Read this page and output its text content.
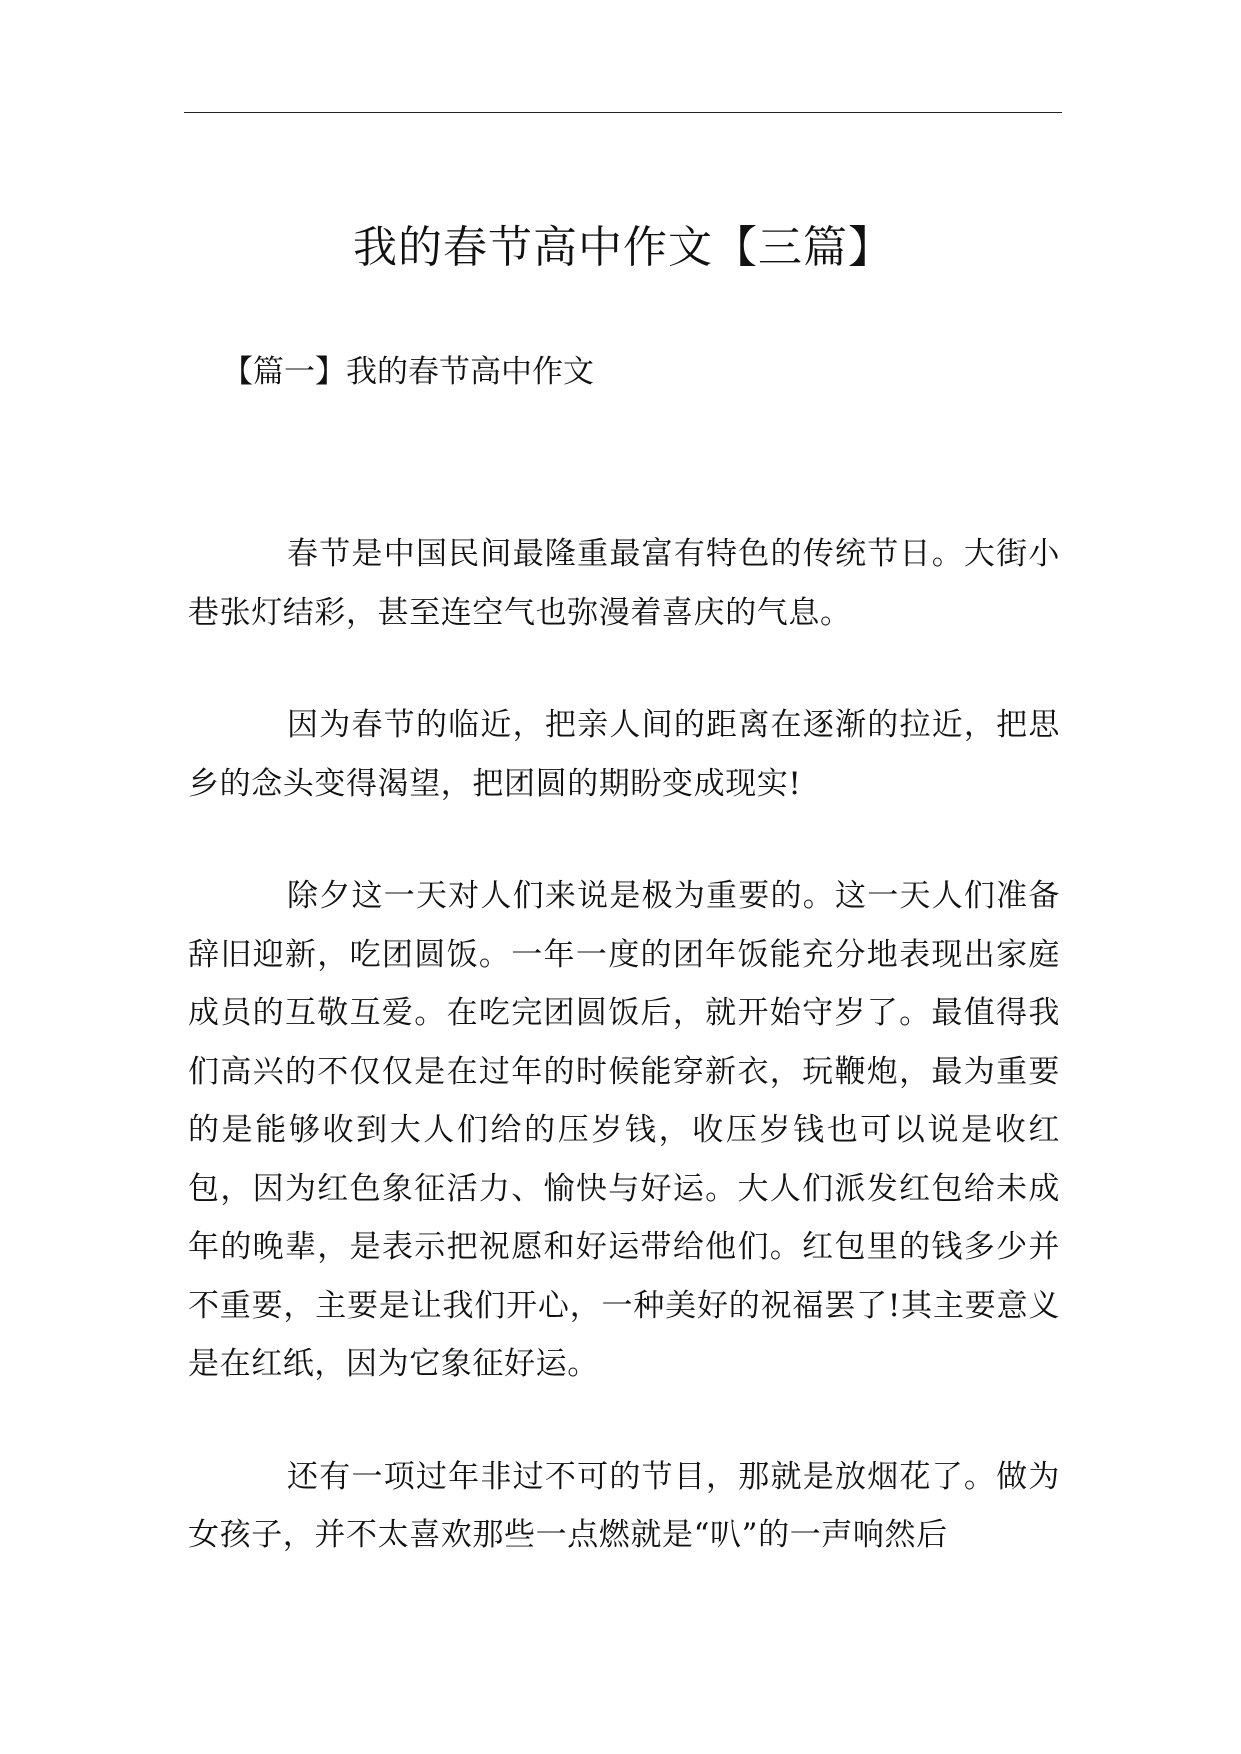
我的春节高中作文【三篇】
【篇一】我的春节高中作文

春节是中国民间最隆重最富有特色的传统节日。大街小巷张灯结彩，甚至连空气也弥漫着喜庆的气息。

因为春节的临近，把亲人间的距离在逐渐的拉近，把思乡的念头变得渴望，把团圆的期盼变成现实!

除夕这一天对人们来说是极为重要的。这一天人们准备辞旧迎新，吃团圆饭。一年一度的团年饭能充分地表现出家庭成员的互敬互爱。在吃完团圆饭后，就开始守岁了。最值得我们高兴的不仅仅是在过年的时候能穿新衣，玩鞭炮，最为重要的是能够收到大人们给的压岁钱，收压岁钱也可以说是收红包，因为红色象征活力、愉快与好运。大人们派发红包给未成年的晚辈，是表示把祝愿和好运带给他们。红包里的钱多少并不重要，主要是让我们开心，一种美好的祝福罢了!其主要意义是在红纸，因为它象征好运。

还有一项过年非过不可的节目，那就是放烟花了。做为女孩子，并不太喜欢那些一点燃就是“叭”的一声响然后
